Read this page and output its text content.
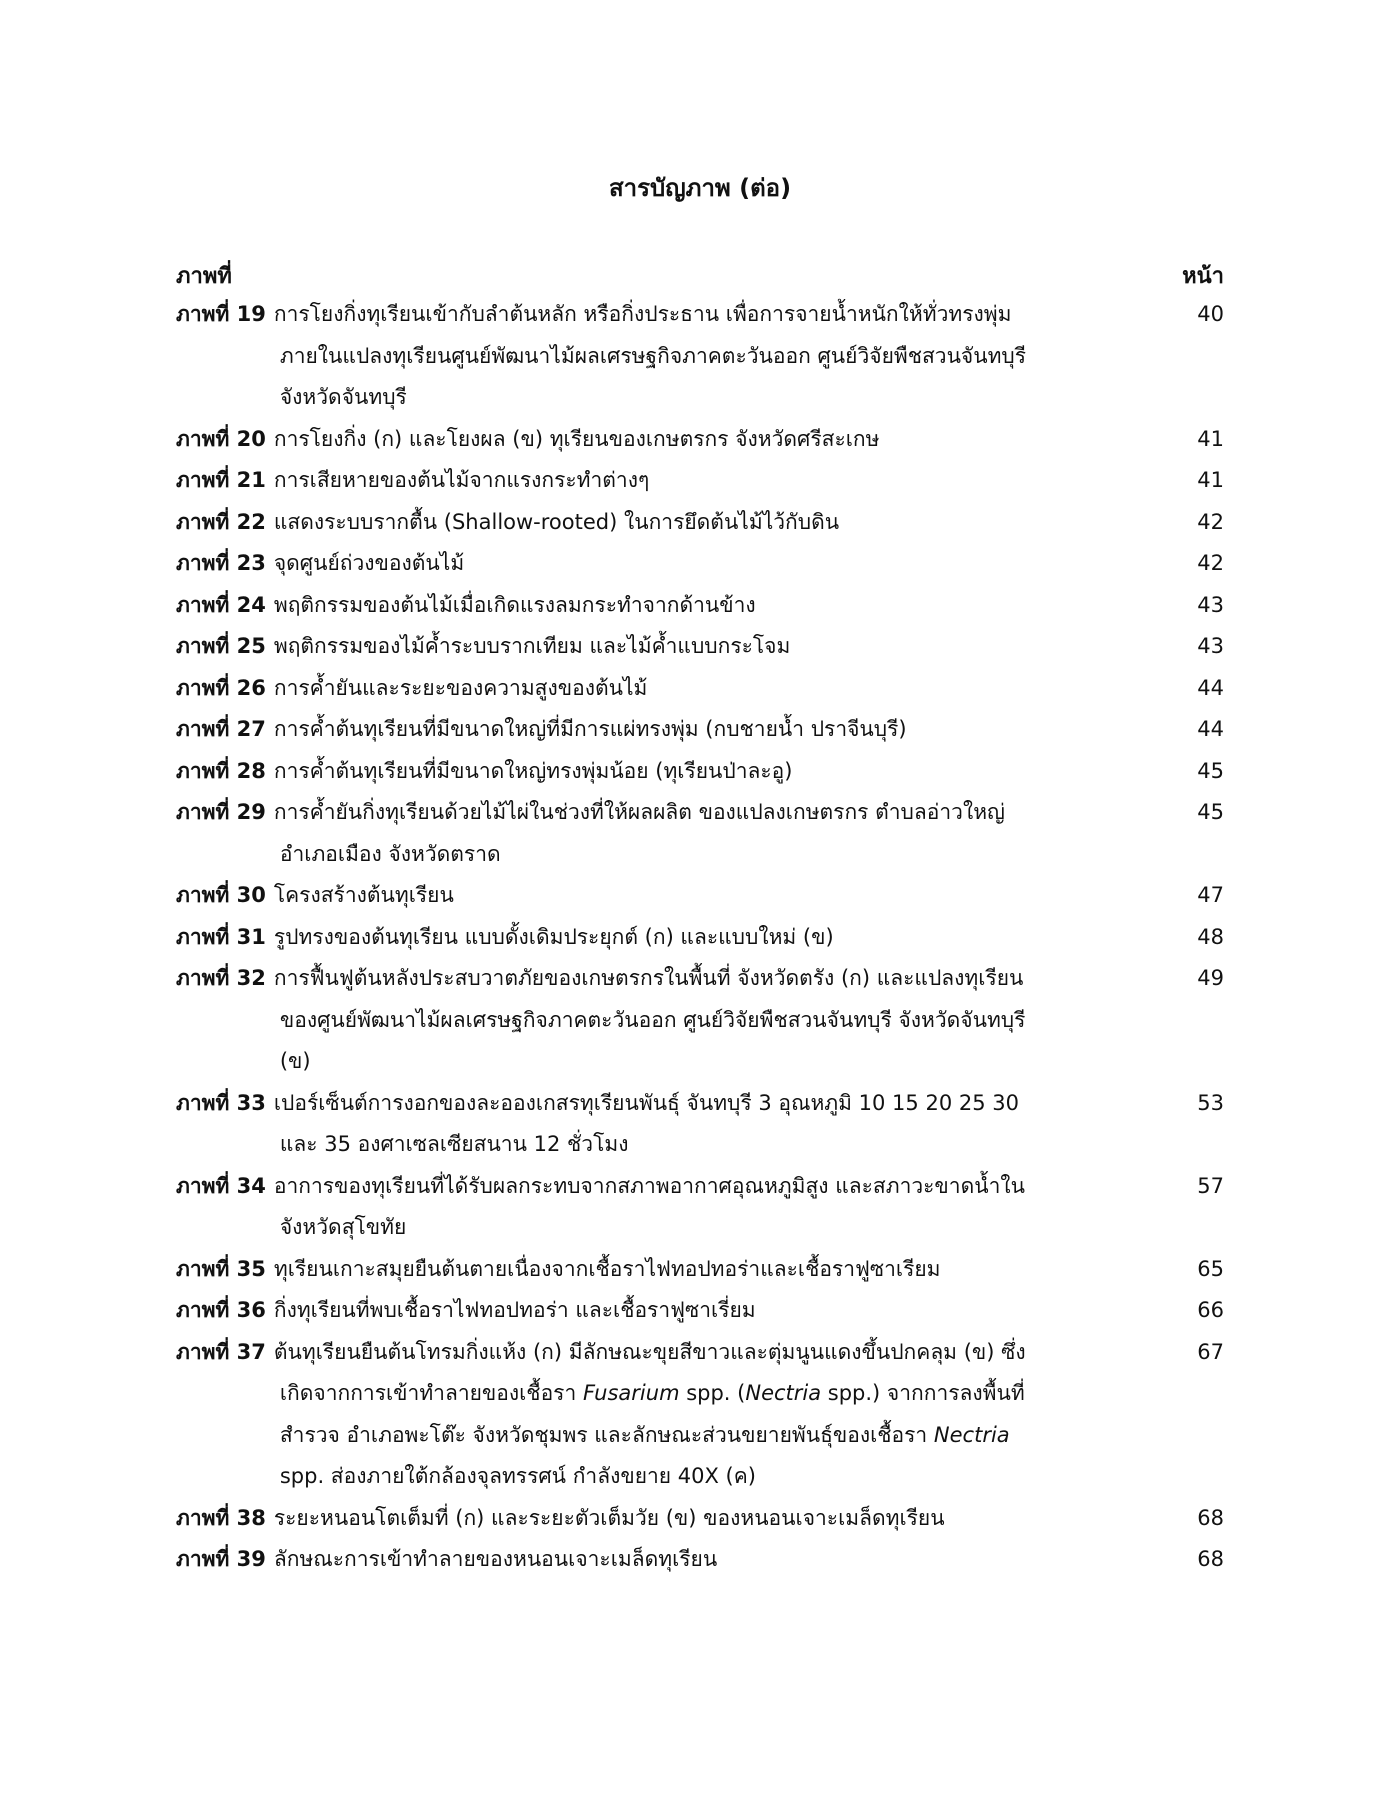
สารบัญภาพ (ต่อ)
ภาพที่	หน้า
ภาพที่ 19 การโยงกิ่งทุเรียนเข้ากับลำต้นหลัก หรือกิ่งประธาน เพื่อการจายน้ำหนักให้ทั่วทรงพุ่ม
ภายในแปลงทุเรียนศูนย์พัฒนาไม้ผลเศรษฐกิจภาคตะวันออก ศูนย์วิจัยพืชสวนจันทบุรี
จังหวัดจันทบุรี
40
ภาพที่ 20 การโยงกิ่ง (ก) และโยงผล (ข) ทุเรียนของเกษตรกร จังหวัดศรีสะเกษ	41
ภาพที่ 21 การเสียหายของต้นไม้จากแรงกระทำต่างๆ	41
ภาพที่ 22 แสดงระบบรากตื้น (Shallow-rooted) ในการยึดต้นไม้ไว้กับดิน	42
ภาพที่ 23 จุดศูนย์ถ่วงของต้นไม้	42
ภาพที่ 24 พฤติกรรมของต้นไม้เมื่อเกิดแรงลมกระทำจากด้านข้าง	43
ภาพที่ 25 พฤติกรรมของไม้ค้ำระบบรากเทียม และไม้ค้ำแบบกระโจม	43
ภาพที่ 26 การค้ำยันและระยะของความสูงของต้นไม้	44
ภาพที่ 27 การค้ำต้นทุเรียนที่มีขนาดใหญ่ที่มีการแผ่ทรงพุ่ม (กบชายน้ำ ปราจีนบุรี)	44
ภาพที่ 28 การค้ำต้นทุเรียนที่มีขนาดใหญ่ทรงพุ่มน้อย (ทุเรียนป่าละอู)	45
ภาพที่ 29 การค้ำยันกิ่งทุเรียนด้วยไม้ไผ่ในช่วงที่ให้ผลผลิต ของแปลงเกษตรกร ตำบลอ่าวใหญ่
อำเภอเมือง จังหวัดตราด
45
ภาพที่ 30 โครงสร้างต้นทุเรียน	47
ภาพที่ 31 รูปทรงของต้นทุเรียน แบบดั้งเดิมประยุกต์ (ก) และแบบใหม่ (ข)	48
ภาพที่ 32 การฟื้นฟูต้นหลังประสบวาตภัยของเกษตรกรในพื้นที่ จังหวัดตรัง (ก) และแปลงทุเรียน
ของศูนย์พัฒนาไม้ผลเศรษฐกิจภาคตะวันออก ศูนย์วิจัยพืชสวนจันทบุรี จังหวัดจันทบุรี
(ข)
49
ภาพที่ 33 เปอร์เซ็นต์การงอกของละอองเกสรทุเรียนพันธุ์ จันทบุรี 3 อุณหภูมิ 10 15 20 25 30
และ 35 องศาเซลเซียสนาน 12 ชั่วโมง
53
ภาพที่ 34 อาการของทุเรียนที่ได้รับผลกระทบจากสภาพอากาศอุณหภูมิสูง และสภาวะขาดน้ำใน
จังหวัดสุโขทัย
57
ภาพที่ 35 ทุเรียนเกาะสมุยยืนต้นตายเนื่องจากเชื้อราไฟทอปทอร่าและเชื้อราฟูซาเรียม	65
ภาพที่ 36 กิ่งทุเรียนที่พบเชื้อราไฟทอปทอร่า และเชื้อราฟูซาเรี่ยม	66
ภาพที่ 37 ต้นทุเรียนยืนต้นโทรมกิ่งแห้ง (ก) มีลักษณะขุยสีขาวและตุ่มนูนแดงขึ้นปกคลุม (ข) ซึ่ง
เกิดจากการเข้าทำลายของเชื้อรา Fusarium spp. (Nectria spp.) จากการลงพื้นที่
สำรวจ อำเภอพะโต๊ะ จังหวัดชุมพร และลักษณะส่วนขยายพันธุ์ของเชื้อรา Nectria
spp. ส่องภายใต้กล้องจุลทรรศน์ กำลังขยาย 40X (ค)
67
ภาพที่ 38 ระยะหนอนโตเต็มที่ (ก) และระยะตัวเต็มวัย (ข) ของหนอนเจาะเมล็ดทุเรียน	68
ภาพที่ 39 ลักษณะการเข้าทำลายของหนอนเจาะเมล็ดทุเรียน	68
